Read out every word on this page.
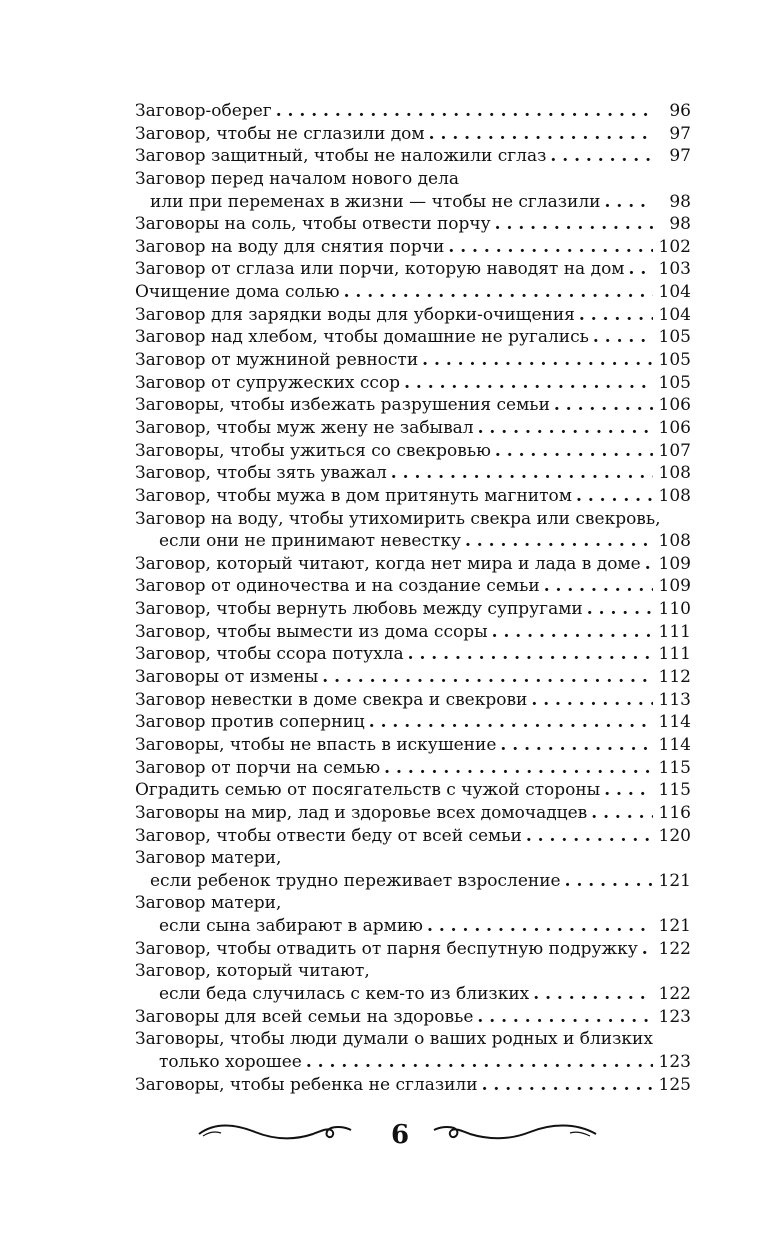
Заговор-оберег . . .	96
Заговор, чтобы не сглазили дом . . .	97
Заговор защитный, чтобы не наложили сглаз . . .	97
Заговор перед началом нового дела
или при переменах в жизни — чтобы не сглазили . . .	98
Заговоры на соль, чтобы отвести порчу . . .	98
Заговор на воду для снятия порчи . . .	102
Заговор от сглаза или порчи, которую наводят на дом . . . 103
Очищение дома солью . . .	104
Заговор для зарядки воды для уборки-очищения . . .	104
Заговор над хлебом, чтобы домашние не ругались . . .	105
Заговор от мужниной ревности . . .	105
Заговор от супружеских ссор . . .	105
Заговоры, чтобы избежать разрушения семьи . . .	106
Заговор, чтобы муж жену не забывал . . .	106
Заговоры, чтобы ужиться со свекровью . . .	107
Заговор, чтобы зять уважал . . .	108
Заговор, чтобы мужа в дом притянуть магнитом . . .	108
Заговор на воду, чтобы утихомирить свекра или свекровь,
если они не принимают невестку . . .	108
Заговор, который читают, когда нет мира и лада в доме . . . 109
Заговор от одиночества и на создание семьи . . .	109
Заговор, чтобы вернуть любовь между супругами . . .	110
Заговор, чтобы вымести из дома ссоры . . .	111
Заговор, чтобы ссора потухла . . .	111
Заговоры от измены . . .	112
Заговор невестки в доме свекра и свекрови . . .	113
Заговор против соперниц . . .	114
Заговоры, чтобы не впасть в искушение . . .	114
Заговор от порчи на семью . . .	115
Оградить семью от посягательств с чужой стороны . . .	115
Заговоры на мир, лад и здоровье всех домочадцев . . .	116
Заговор, чтобы отвести беду от всей семьи . . .	120
Заговор матери,
если ребенок трудно переживает взросление . . .	121
Заговор матери,
если сына забирают в армию . . .	121
Заговор, чтобы отвадить от парня беспутную подружку . . . 122
Заговор, который читают,
если беда случилась с кем-то из близких . . .	122
Заговоры для всей семьи на здоровье . . .	123
Заговоры, чтобы люди думали о ваших родных и близких
только хорошее . . .	123
Заговоры, чтобы ребенка не сглазили . . .	125
6
